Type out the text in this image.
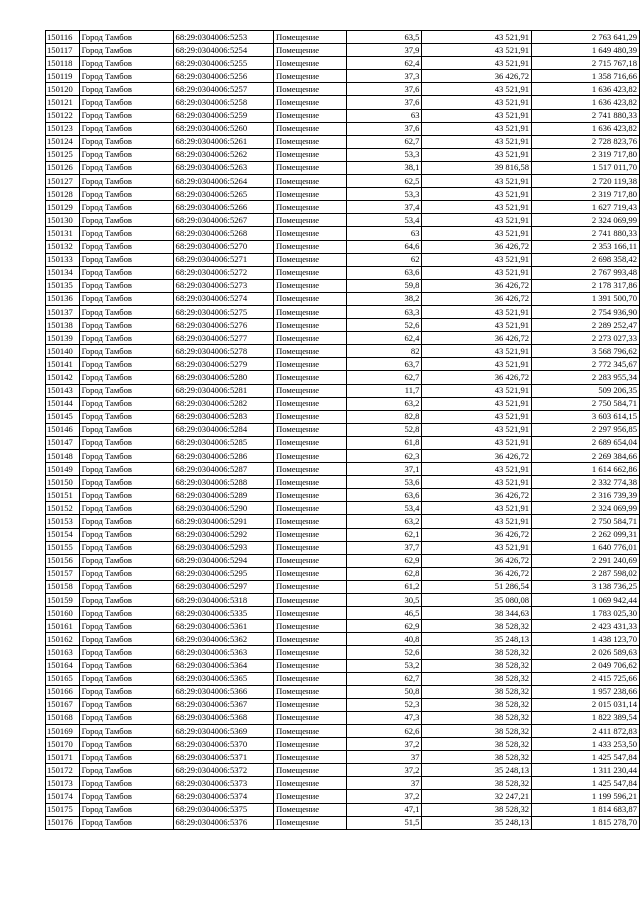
150116	Город Тамбов	68:29:0304006:5253	Помещение	63,5	43 521,91	2 763 641,29
150117	Город Тамбов	68:29:0304006:5254	Помещение	37,9	43 521,91	1 649 480,39
150118	Город Тамбов	68:29:0304006:5255	Помещение	62,4	43 521,91	2 715 767,18
150119	Город Тамбов	68:29:0304006:5256	Помещение	37,3	36 426,72	1 358 716,66
150120	Город Тамбов	68:29:0304006:5257	Помещение	37,6	43 521,91	1 636 423,82
150121	Город Тамбов	68:29:0304006:5258	Помещение	37,6	43 521,91	1 636 423,82
150122	Город Тамбов	68:29:0304006:5259	Помещение	63	43 521,91	2 741 880,33
150123	Город Тамбов	68:29:0304006:5260	Помещение	37,6	43 521,91	1 636 423,82
150124	Город Тамбов	68:29:0304006:5261	Помещение	62,7	43 521,91	2 728 823,76
150125	Город Тамбов	68:29:0304006:5262	Помещение	53,3	43 521,91	2 319 717,80
150126	Город Тамбов	68:29:0304006:5263	Помещение	38,1	39 816,58	1 517 011,70
150127	Город Тамбов	68:29:0304006:5264	Помещение	62,5	43 521,91	2 720 119,38
150128	Город Тамбов	68:29:0304006:5265	Помещение	53,3	43 521,91	2 319 717,80
150129	Город Тамбов	68:29:0304006:5266	Помещение	37,4	43 521,91	1 627 719,43
150130	Город Тамбов	68:29:0304006:5267	Помещение	53,4	43 521,91	2 324 069,99
150131	Город Тамбов	68:29:0304006:5268	Помещение	63	43 521,91	2 741 880,33
150132	Город Тамбов	68:29:0304006:5270	Помещение	64,6	36 426,72	2 353 166,11
150133	Город Тамбов	68:29:0304006:5271	Помещение	62	43 521,91	2 698 358,42
150134	Город Тамбов	68:29:0304006:5272	Помещение	63,6	43 521,91	2 767 993,48
150135	Город Тамбов	68:29:0304006:5273	Помещение	59,8	36 426,72	2 178 317,86
150136	Город Тамбов	68:29:0304006:5274	Помещение	38,2	36 426,72	1 391 500,70
150137	Город Тамбов	68:29:0304006:5275	Помещение	63,3	43 521,91	2 754 936,90
150138	Город Тамбов	68:29:0304006:5276	Помещение	52,6	43 521,91	2 289 252,47
150139	Город Тамбов	68:29:0304006:5277	Помещение	62,4	36 426,72	2 273 027,33
150140	Город Тамбов	68:29:0304006:5278	Помещение	82	43 521,91	3 568 796,62
150141	Город Тамбов	68:29:0304006:5279	Помещение	63,7	43 521,91	2 772 345,67
150142	Город Тамбов	68:29:0304006:5280	Помещение	62,7	36 426,72	2 283 955,34
150143	Город Тамбов	68:29:0304006:5281	Помещение	11,7	43 521,91	509 206,35
150144	Город Тамбов	68:29:0304006:5282	Помещение	63,2	43 521,91	2 750 584,71
150145	Город Тамбов	68:29:0304006:5283	Помещение	82,8	43 521,91	3 603 614,15
150146	Город Тамбов	68:29:0304006:5284	Помещение	52,8	43 521,91	2 297 956,85
150147	Город Тамбов	68:29:0304006:5285	Помещение	61,8	43 521,91	2 689 654,04
150148	Город Тамбов	68:29:0304006:5286	Помещение	62,3	36 426,72	2 269 384,66
150149	Город Тамбов	68:29:0304006:5287	Помещение	37,1	43 521,91	1 614 662,86
150150	Город Тамбов	68:29:0304006:5288	Помещение	53,6	43 521,91	2 332 774,38
150151	Город Тамбов	68:29:0304006:5289	Помещение	63,6	36 426,72	2 316 739,39
150152	Город Тамбов	68:29:0304006:5290	Помещение	53,4	43 521,91	2 324 069,99
150153	Город Тамбов	68:29:0304006:5291	Помещение	63,2	43 521,91	2 750 584,71
150154	Город Тамбов	68:29:0304006:5292	Помещение	62,1	36 426,72	2 262 099,31
150155	Город Тамбов	68:29:0304006:5293	Помещение	37,7	43 521,91	1 640 776,01
150156	Город Тамбов	68:29:0304006:5294	Помещение	62,9	36 426,72	2 291 240,69
150157	Город Тамбов	68:29:0304006:5295	Помещение	62,8	36 426,72	2 287 598,02
150158	Город Тамбов	68:29:0304006:5297	Помещение	61,2	51 286,54	3 138 736,25
150159	Город Тамбов	68:29:0304006:5318	Помещение	30,5	35 080,08	1 069 942,44
150160	Город Тамбов	68:29:0304006:5335	Помещение	46,5	38 344,63	1 783 025,30
150161	Город Тамбов	68:29:0304006:5361	Помещение	62,9	38 528,32	2 423 431,33
150162	Город Тамбов	68:29:0304006:5362	Помещение	40,8	35 248,13	1 438 123,70
150163	Город Тамбов	68:29:0304006:5363	Помещение	52,6	38 528,32	2 026 589,63
150164	Город Тамбов	68:29:0304006:5364	Помещение	53,2	38 528,32	2 049 706,62
150165	Город Тамбов	68:29:0304006:5365	Помещение	62,7	38 528,32	2 415 725,66
150166	Город Тамбов	68:29:0304006:5366	Помещение	50,8	38 528,32	1 957 238,66
150167	Город Тамбов	68:29:0304006:5367	Помещение	52,3	38 528,32	2 015 031,14
150168	Город Тамбов	68:29:0304006:5368	Помещение	47,3	38 528,32	1 822 389,54
150169	Город Тамбов	68:29:0304006:5369	Помещение	62,6	38 528,32	2 411 872,83
150170	Город Тамбов	68:29:0304006:5370	Помещение	37,2	38 528,32	1 433 253,50
150171	Город Тамбов	68:29:0304006:5371	Помещение	37	38 528,32	1 425 547,84
150172	Город Тамбов	68:29:0304006:5372	Помещение	37,2	35 248,13	1 311 230,44
150173	Город Тамбов	68:29:0304006:5373	Помещение	37	38 528,32	1 425 547,84
150174	Город Тамбов	68:29:0304006:5374	Помещение	37,2	32 247,21	1 199 596,21
150175	Город Тамбов	68:29:0304006:5375	Помещение	47,1	38 528,32	1 814 683,87
150176	Город Тамбов	68:29:0304006:5376	Помещение	51,5	35 248,13	1 815 278,70
